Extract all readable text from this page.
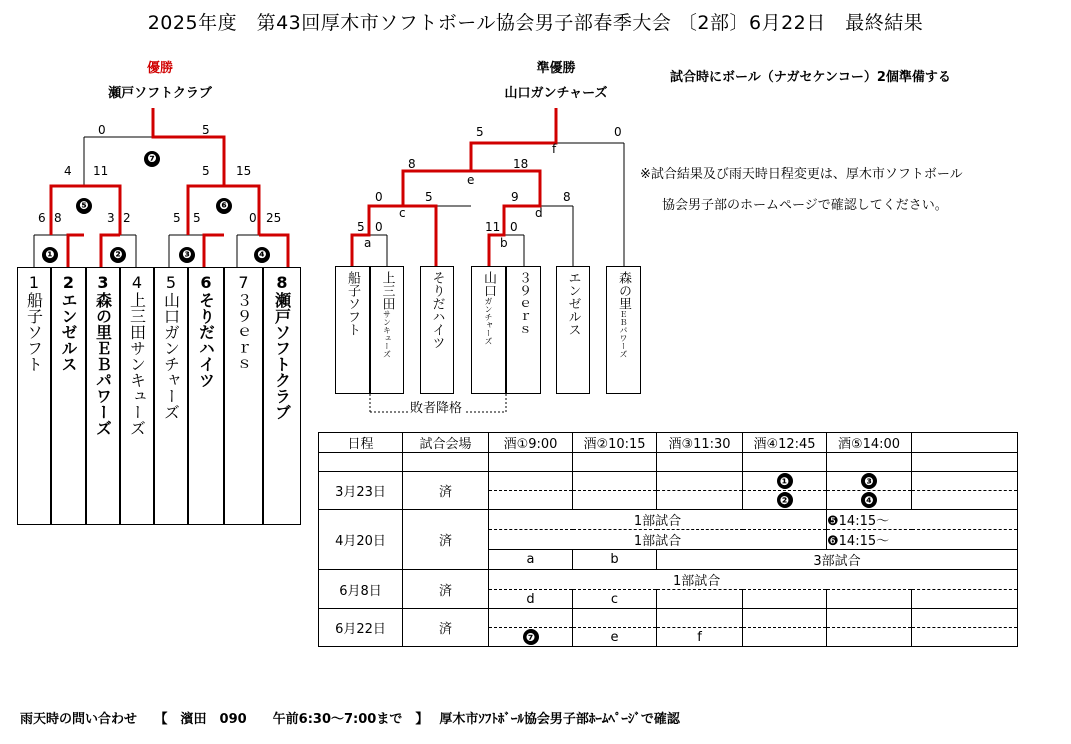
2025年度　第43回厚木市ソフトボール協会男子部春季大会 〔2部〕6月22日　最終結果
優勝
瀬戸ソフトクラブ
準優勝
山口ガンチャーズ
試合時にボール（ナガセケンコー）2個準備する
※試合結果及び雨天時日程変更は、厚木市ソフトボール
協会男子部のホームページで確認してください。
❶	❷	❸	❹
❺	❻
❼
6 8	3 2	5 5	0 25
4 11	5 15
0	5
1
船子ソフト
2
エンゼルス
3
森の里ＥＢパワーズ
4
上三田サンキューズ
5
山口ガンチャーズ
6
そりだハイツ
7
３９ｅｒｓ
8
瀬戸ソフトクラブ	船子ソフト 上三田
サンキューズ	そりだハイツ	山口
ガンチャーズ	３９ｅｒｓ	エンゼルス	森の里
ＥＢパワーズ
a	b
c	d
e
f
5 0
0	5
11 0
9	8
8	18
5	0
敗者降格
日程	試合会場	酒①9:00	酒②10:15	酒③11:30	酒④12:45	酒⑤14:00	

3月23日	済				❶	❸	
					❷	❹	
4月20日	済	1部試合				❺14:15～	
		1部試合				❻14:15～	
		a	b	3部試合			
6月8日	済	1部試合					
		d	c				
6月22日	済						
		❼	e	f			
雨天時の問い合わせ　 【　濱田　090　　午前6:30～7:00まで　】　 厚木市ｿﾌﾄﾎﾞｰﾙ協会男子部ﾎｰﾑﾍﾟｰｼﾞで確認
